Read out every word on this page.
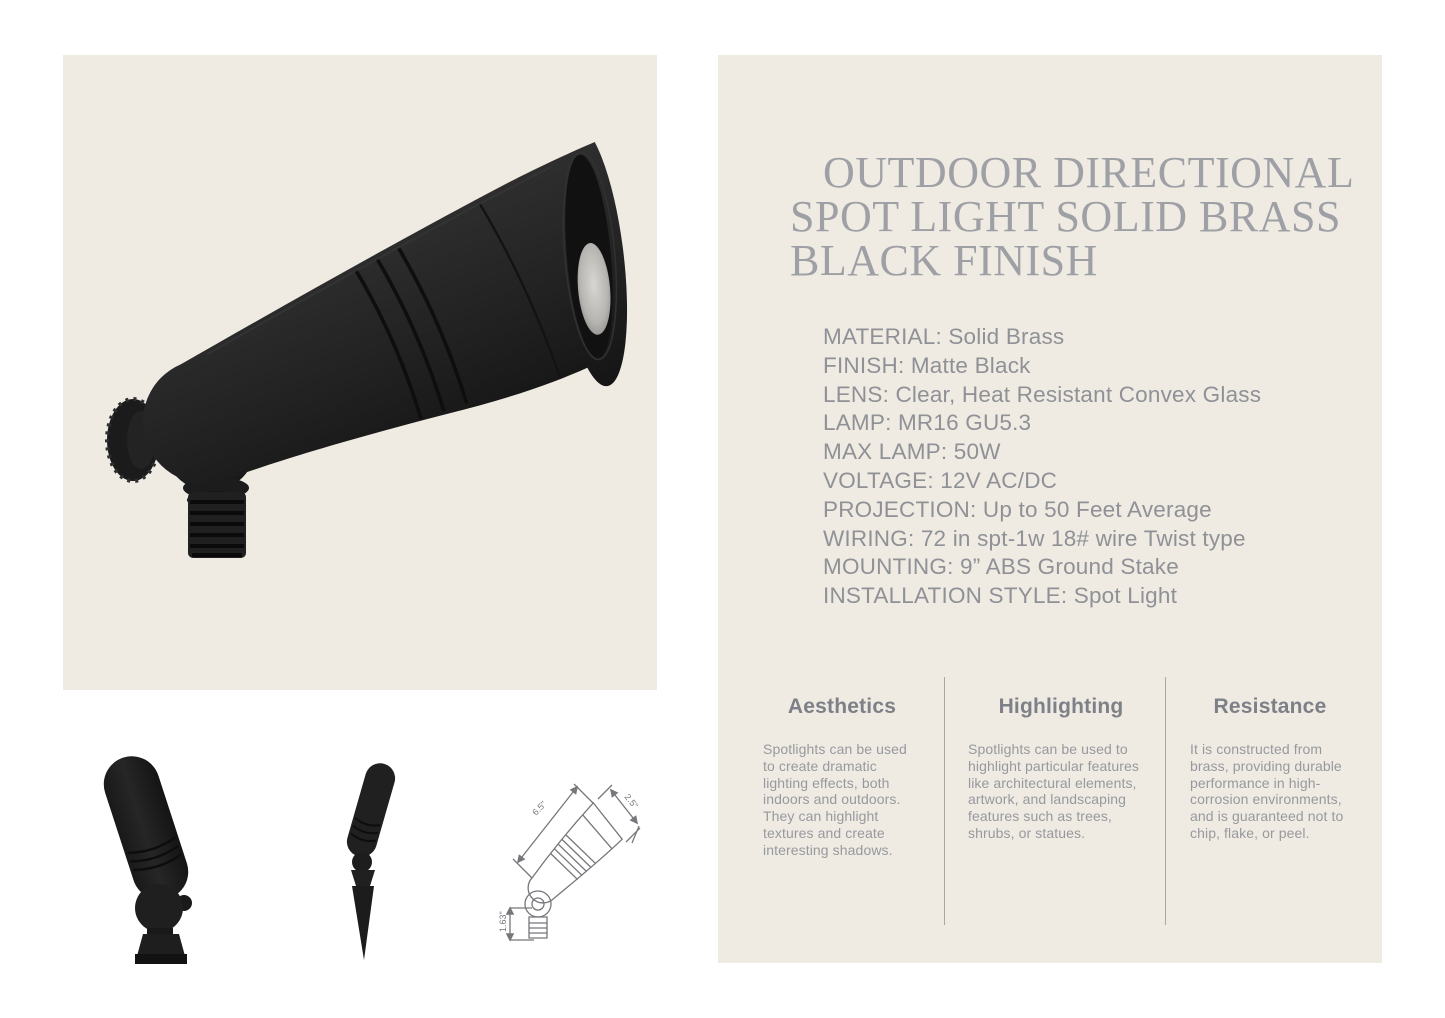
6.5"	2.5"
1.63"
OUTDOOR DIRECTIONAL
SPOT LIGHT SOLID BRASS
BLACK FINISH
MATERIAL: Solid Brass
FINISH: Matte Black
LENS: Clear, Heat Resistant Convex Glass
LAMP: MR16 GU5.3
MAX LAMP: 50W
VOLTAGE: 12V AC/DC
PROJECTION: Up to 50 Feet Average
WIRING: 72 in spt-1w 18# wire Twist type
MOUNTING: 9” ABS Ground Stake
INSTALLATION STYLE: Spot Light
Aesthetics

Spotlights can be used to create dramatic lighting effects, both indoors and outdoors. They can highlight textures and create interesting shadows.

Highlighting

Spotlights can be used to highlight particular features like architectural elements, artwork, and landscaping features such as trees, shrubs, or statues.

Resistance

It is constructed from brass, providing durable performance in high-corrosion environments, and is guaranteed not to chip, flake, or peel.
